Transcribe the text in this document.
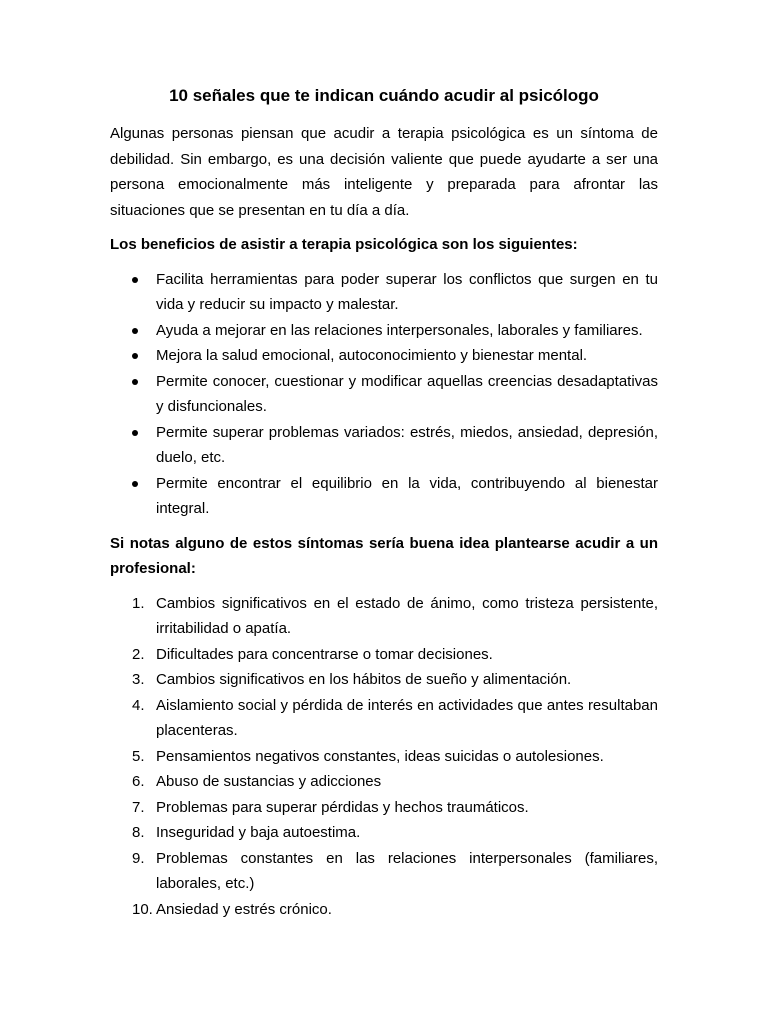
10 señales que te indican cuándo acudir al psicólogo

Algunas personas piensan que acudir a terapia psicológica es un síntoma de debilidad. Sin embargo, es una decisión valiente que puede ayudarte a ser una persona emocionalmente más inteligente y preparada para afrontar las situaciones que se presentan en tu día a día.

Los beneficios de asistir a terapia psicológica son los siguientes:

Facilita herramientas para poder superar los conflictos que surgen en tu vida y reducir su impacto y malestar.
Ayuda a mejorar en las relaciones interpersonales, laborales y familiares.
Mejora la salud emocional, autoconocimiento y bienestar mental.
Permite conocer, cuestionar y modificar aquellas creencias desadaptativas y disfuncionales.
Permite superar problemas variados: estrés, miedos, ansiedad, depresión, duelo, etc.
Permite encontrar el equilibrio en la vida, contribuyendo al bienestar integral.

Si notas alguno de estos síntomas sería buena idea plantearse acudir a un profesional:

1. Cambios significativos en el estado de ánimo, como tristeza persistente, irritabilidad o apatía.
2. Dificultades para concentrarse o tomar decisiones.
3. Cambios significativos en los hábitos de sueño y alimentación.
4. Aislamiento social y pérdida de interés en actividades que antes resultaban placenteras.
5. Pensamientos negativos constantes, ideas suicidas o autolesiones.
6. Abuso de sustancias y adicciones
7. Problemas para superar pérdidas y hechos traumáticos.
8. Inseguridad y baja autoestima.
9. Problemas constantes en las relaciones interpersonales (familiares, laborales, etc.)
10. Ansiedad y estrés crónico.
